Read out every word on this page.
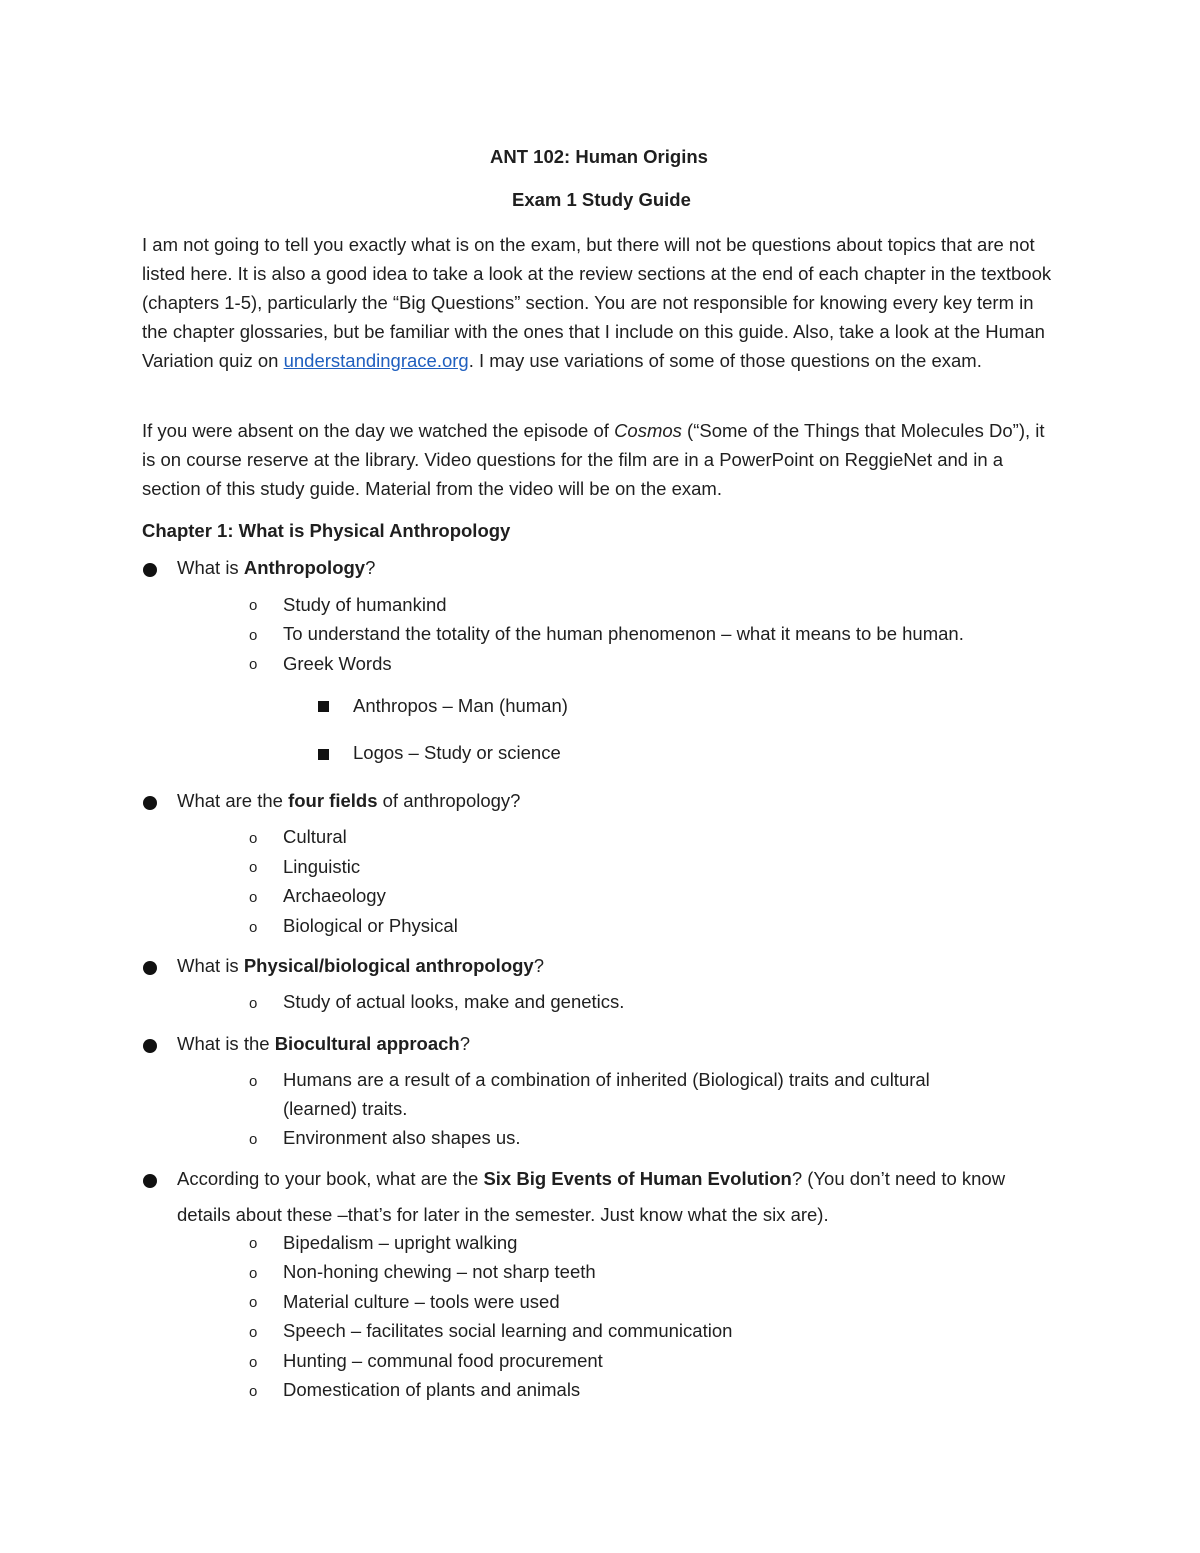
ANT 102: Human Origins
Exam 1 Study Guide
I am not going to tell you exactly what is on the exam, but there will not be questions about topics that are not listed here. It is also a good idea to take a look at the review sections at the end of each chapter in the textbook (chapters 1-5), particularly the “Big Questions” section. You are not responsible for knowing every key term in the chapter glossaries, but be familiar with the ones that I include on this guide. Also, take a look at the Human Variation quiz on understandingrace.org. I may use variations of some of those questions on the exam.
If you were absent on the day we watched the episode of Cosmos (“Some of the Things that Molecules Do”), it is on course reserve at the library. Video questions for the film are in a PowerPoint on ReggieNet and in a section of this study guide. Material from the video will be on the exam.
Chapter 1: What is Physical Anthropology
What is Anthropology?
o Study of humankind
o To understand the totality of the human phenomenon – what it means to be human.
o Greek Words
Anthropos – Man (human)
Logos – Study or science
What are the four fields of anthropology?
o Cultural
o Linguistic
o Archaeology
o Biological or Physical
What is Physical/biological anthropology?
o Study of actual looks, make and genetics.
What is the Biocultural approach?
o Humans are a result of a combination of inherited (Biological) traits and cultural
(learned) traits.
o Environment also shapes us.
According to your book, what are the Six Big Events of Human Evolution? (You don’t need to know
details about these –that’s for later in the semester. Just know what the six are).
o Bipedalism – upright walking
o Non-honing chewing – not sharp teeth
o Material culture – tools were used
o Speech – facilitates social learning and communication
o Hunting – communal food procurement
o Domestication of plants and animals
